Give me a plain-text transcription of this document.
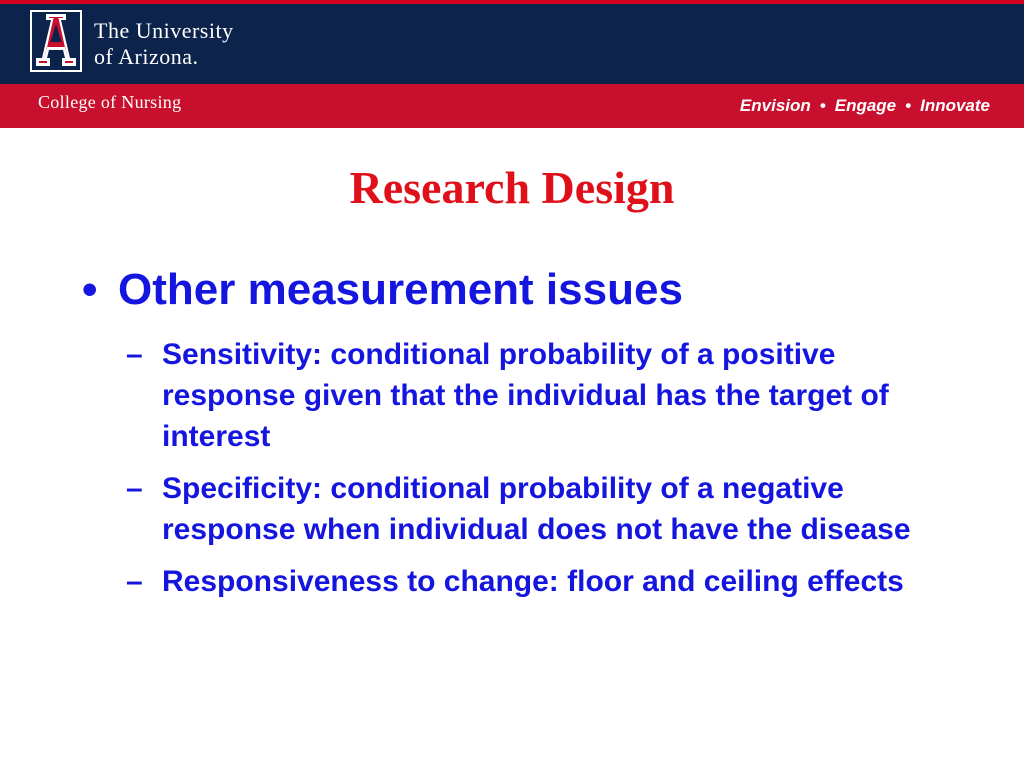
The University
of Arizona.
College of Nursing	Envision • Engage • Innovate
Research Design
• Other measurement issues
– Sensitivity: conditional probability of a positive response given that the individual has the target of interest
– Specificity: conditional probability of a negative response when individual does not have the disease
– Responsiveness to change: floor and ceiling effects
